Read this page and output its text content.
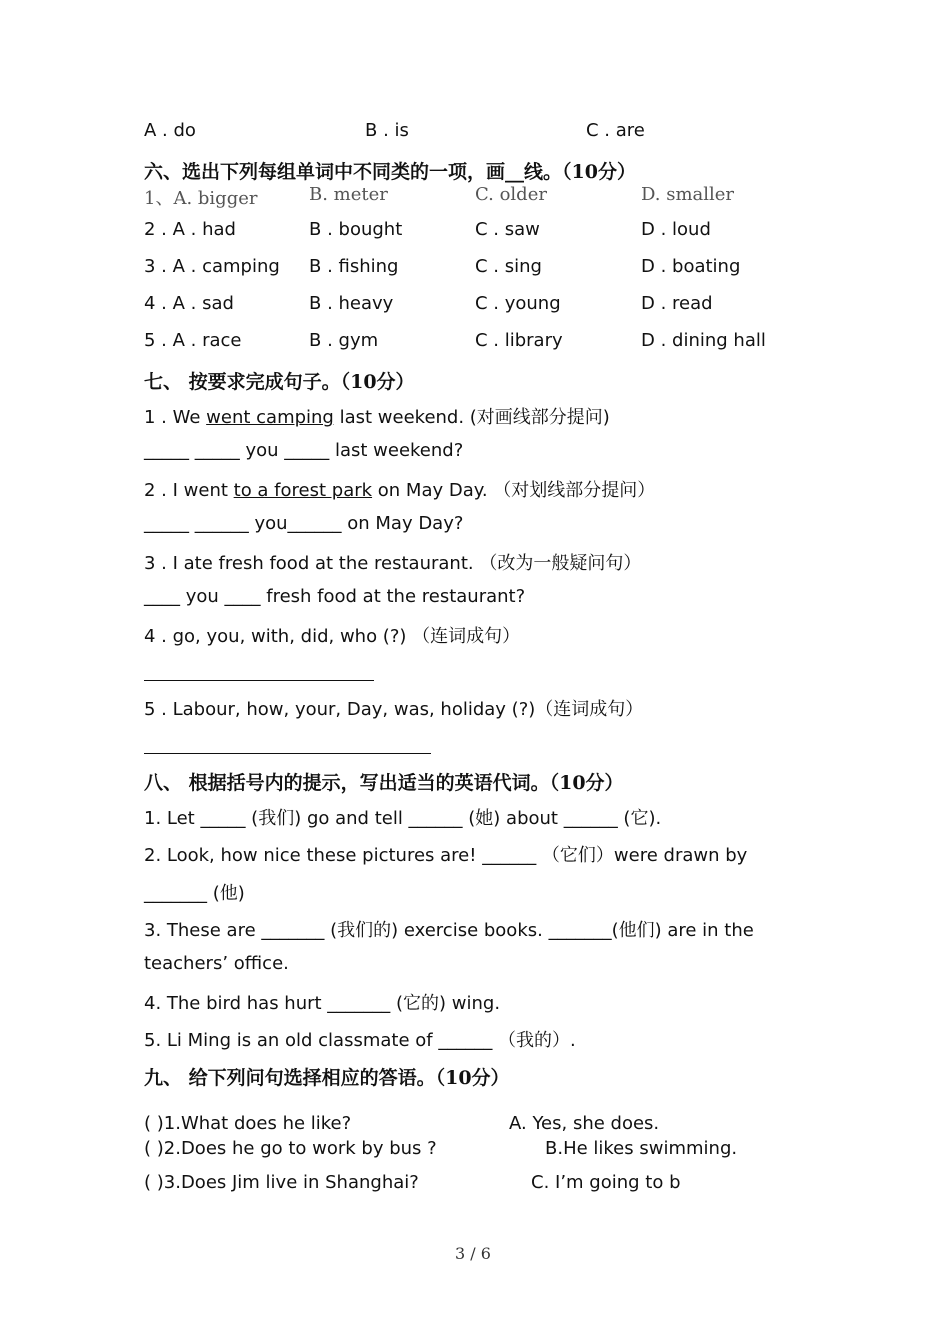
A . do	B . is	C . are
六、选出下列每组单词中不同类的一项，画__线。（10分）
1、A. bigger	B. meter	C. older	D. smaller
2 . A . had	B . bought	C . saw	D . loud
3 . A . camping B . fishing	C . sing	D . boating
4 . A . sad	B . heavy	C . young	D . read
5 . A . race	B . gym	C . library	D . dining hall
七、 按要求完成句子。（10分）
1 . We went camping last weekend. (对画线部分提问)
_____ _____ you _____ last weekend?
2 . I went to a forest park on May Day. （对划线部分提问）
_____ ______ you______ on May Day?
3 . I ate fresh food at the restaurant. （改为一般疑问句）
____ you ____ fresh food at the restaurant?
4 . go, you, with, did, who (?) （连词成句）
5 . Labour, how, your, Day, was, holiday (?)（连词成句）
八、 根据括号内的提示，写出适当的英语代词。（10分）
1. Let _____ (我们) go and tell ______ (她) about ______ (它).
2. Look, how nice these pictures are! ______ （它们）were drawn by
_______ (他)
3. These are _______ (我们的) exercise books. _______(他们) are in the
teachers’ office.
4. The bird has hurt _______ (它的) wing.
5. Li Ming is an old classmate of ______ （我的）.
九、 给下列问句选择相应的答语。（10分）
( )1.What does he like?	A. Yes, she does.
( )2.Does he go to work by bus ?	B.He likes swimming.
( )3.Does Jim live in Shanghai?	C. I’m going to b
3 / 6
